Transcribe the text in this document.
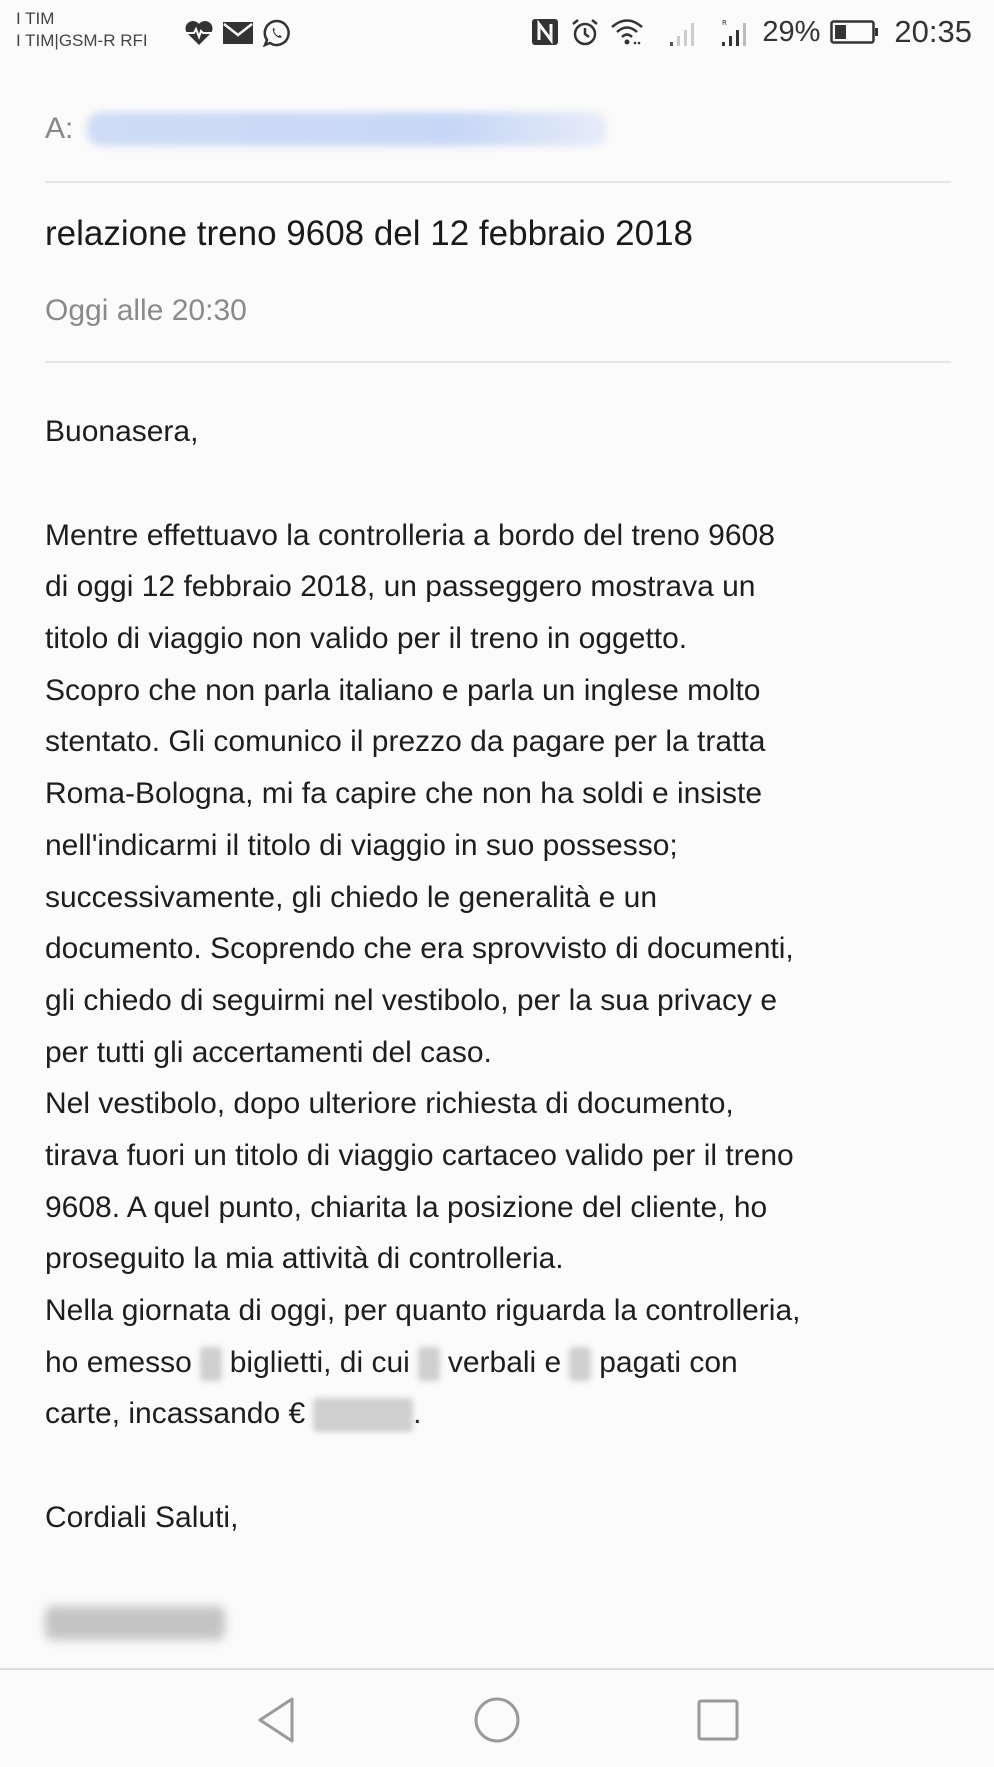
I TIM
I TIM|GSM-R RFI
R 29% 20:35
A:
relazione treno 9608 del 12 febbraio 2018
Oggi alle 20:30
Buonasera,
Mentre effettuavo la controlleria a bordo del treno 9608
di oggi 12 febbraio 2018, un passeggero mostrava un
titolo di viaggio non valido per il treno in oggetto.
Scopro che non parla italiano e parla un inglese molto
stentato. Gli comunico il prezzo da pagare per la tratta
Roma-Bologna, mi fa capire che non ha soldi e insiste
nell'indicarmi il titolo di viaggio in suo possesso;
successivamente, gli chiedo le generalità e un
documento. Scoprendo che era sprovvisto di documenti,
gli chiedo di seguirmi nel vestibolo, per la sua privacy e
per tutti gli accertamenti del caso.
Nel vestibolo, dopo ulteriore richiesta di documento,
tirava fuori un titolo di viaggio cartaceo valido per il treno
9608. A quel punto, chiarita la posizione del cliente, ho
proseguito la mia attività di controlleria.
Nella giornata di oggi, per quanto riguarda la controlleria,
ho emesso biglietti, di cui verbali e pagati con
carte, incassando €	.
Cordiali Saluti,
